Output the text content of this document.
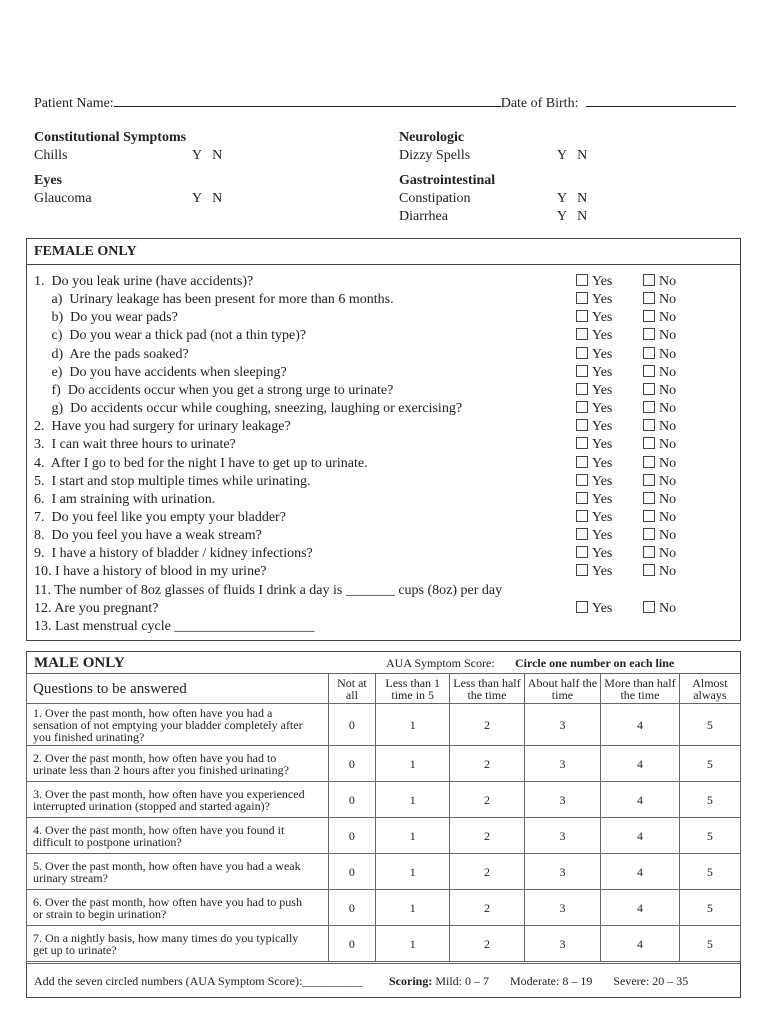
Patient Name:	Date of Birth:
Constitutional Symptoms
Chills	Y   N
Eyes
Glaucoma	Y   N
Neurologic
Dizzy Spells	Y   N
Gastrointestinal
Constipation	Y   N
Diarrhea	Y   N
FEMALE ONLY
1.  Do you leak urine (have accidents)?	Yes	No
a)  Urinary leakage has been present for more than 6 months.	Yes	No
b)  Do you wear pads?	Yes	No
c)  Do you wear a thick pad (not a thin type)?	Yes	No
d)  Are the pads soaked?	Yes	No
e)  Do you have accidents when sleeping?	Yes	No
f)  Do accidents occur when you get a strong urge to urinate?	Yes	No
g)  Do accidents occur while coughing, sneezing, laughing or exercising?	Yes	No
2.  Have you had surgery for urinary leakage?	Yes	No
3.  I can wait three hours to urinate?	Yes	No
4.  After I go to bed for the night I have to get up to urinate.	Yes	No
5.  I start and stop multiple times while urinating.	Yes	No
6.  I am straining with urination.	Yes	No
7.  Do you feel like you empty your bladder?	Yes	No
8.  Do you feel you have a weak stream?	Yes	No
9.  I have a history of bladder / kidney infections?	Yes	No
10. I have a history of blood in my urine?	Yes	No
11. The number of 8oz glasses of fluids I drink a day is _______ cups (8oz) per day
12. Are you pregnant?	Yes	No
13. Last menstrual cycle ____________________
MALE ONLY	AUA Symptom Score: Circle one number on each line
Questions to be answered	Not at all	Less than 1 time in 5	Less than half the time	About half the time	More than half the time	Almost always
1. Over the past month, how often have you had a sensation of not emptying your bladder completely after you finished urinating?	0	1	2	3	4	5
2. Over the past month, how often have you had to urinate less than 2 hours after you finished urinating?	0	1	2	3	4	5
3. Over the past month, how often have you experienced interrupted urination (stopped and started again)?	0	1	2	3	4	5
4. Over the past month, how often have you found it difficult to postpone urination?	0	1	2	3	4	5
5. Over the past month, how often have you had a weak urinary stream?	0	1	2	3	4	5
6. Over the past month, how often have you had to push or strain to begin urination?	0	1	2	3	4	5
7. On a nightly basis, how many times do you typically get up to urinate?	0	1	2	3	4	5
Add the seven circled numbers (AUA Symptom Score):__________ Scoring: Mild: 0 – 7 Moderate: 8 – 19 Severe: 20 – 35
